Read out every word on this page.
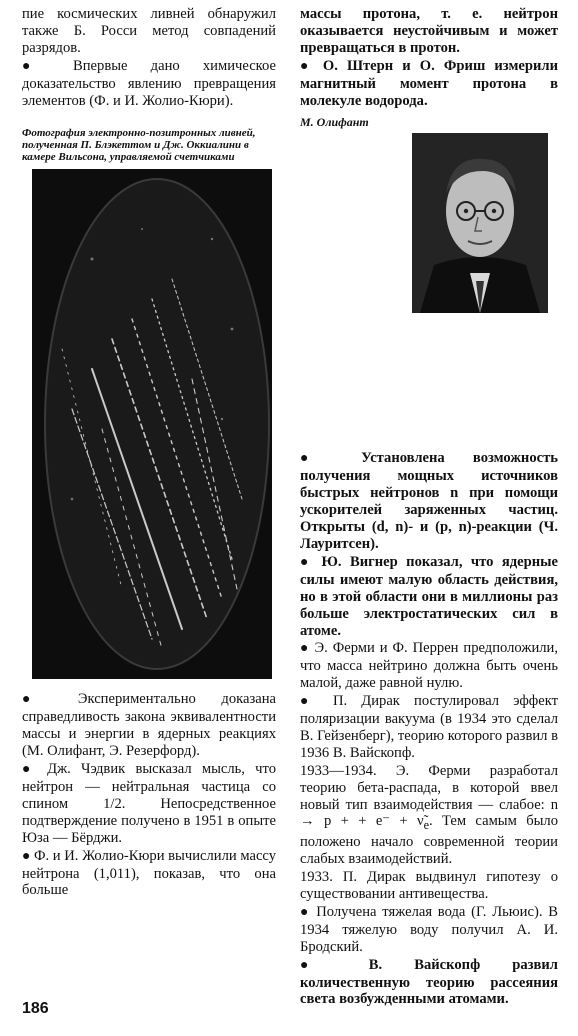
пие космических ливней обнаружил также Б. Росси метод совпадений разрядов.

● Впервые дано химическое доказательство явлению превращения элементов (Ф. и И. Жолио-Кюри).

Фотография электронно-позитронных ливней, полученная П. Блэкеттом и Дж. Оккиалини в камере Вильсона, управляемой счетчиками

● Экспериментально доказана справедливость закона эквивалентности массы и энергии в ядерных реакциях (М. Олифант, Э. Резерфорд).

● Дж. Чэдвик высказал мысль, что нейтрон — нейтральная частица со спином 1/2. Непосредственное подтверждение получено в 1951 в опыте Юза — Бёрджи.

● Ф. и И. Жолио-Кюри вычислили массу нейтрона (1,011), показав, что она больше

массы протона, т. е. нейтрон оказывается неустойчивым и может превращаться в протон.

● О. Штерн и О. Фриш измерили магнитный момент протона в молекуле водорода.

М. Олифант

● Установлена возможность получения мощных источников быстрых нейтронов n при помощи ускорителей заряженных частиц. Открыты (d, n)- и (p, n)-реакции (Ч. Лауритсен).

● Ю. Вигнер показал, что ядерные силы имеют малую область действия, но в этой области они в миллионы раз больше электростатических сил в атоме.

● Э. Ферми и Ф. Перрен предположили, что масса нейтрино должна быть очень малой, даже равной нулю.

● П. Дирак постулировал эффект поляризации вакуума (в 1934 это сделал В. Гейзенберг), теорию которого развил в 1936 В. Вайскопф.

1933—1934. Э. Ферми разработал теорию бета-распада, в которой ввел новый тип взаимодействия — слабое: n → p + + $e^- + \nũ_e$. Тем самым было положено начало современной теории слабых взаимодействий.

1933. П. Дирак выдвинул гипотезу о существовании антивещества.

● Получена тяжелая вода (Г. Льюис). В 1934 тяжелую воду получил А. И. Бродский.

● В. Вайскопф развил количественную теорию рассеяния света возбужденными атомами.

186
